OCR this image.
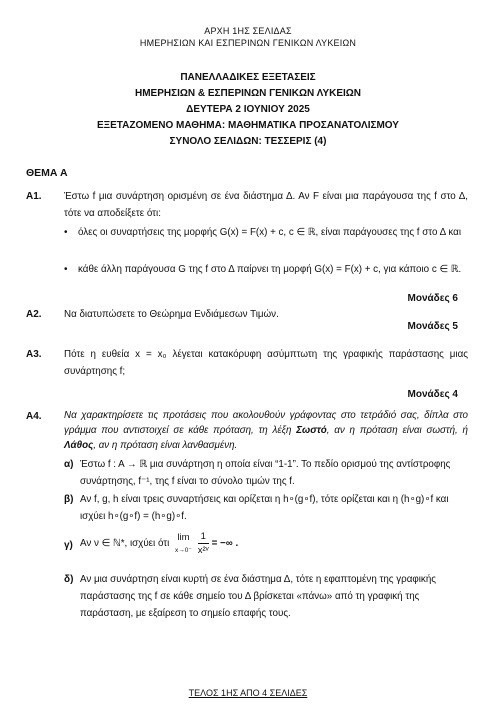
ΑΡΧΗ 1ΗΣ ΣΕΛΙΔΑΣ
ΗΜΕΡΗΣΙΩΝ ΚΑΙ ΕΣΠΕΡΙΝΩΝ ΓΕΝΙΚΩΝ ΛΥΚΕΙΩΝ
ΠΑΝΕΛΛΑΔΙΚΕΣ ΕΞΕΤΑΣΕΙΣ
ΗΜΕΡΗΣΙΩΝ & ΕΣΠΕΡΙΝΩΝ ΓΕΝΙΚΩΝ ΛΥΚΕΙΩΝ
ΔΕΥΤΕΡΑ 2 ΙΟΥΝΙΟΥ 2025
ΕΞΕΤΑΖΟΜΕΝΟ ΜΑΘΗΜΑ: ΜΑΘΗΜΑΤΙΚΑ ΠΡΟΣΑΝΑΤΟΛΙΣΜΟΥ
ΣΥΝΟΛΟ ΣΕΛΙΔΩΝ: ΤΕΣΣΕΡΙΣ (4)
ΘΕΜΑ Α
Α1. Έστω f μια συνάρτηση ορισμένη σε ένα διάστημα Δ. Αν F είναι μια παράγουσα της f στο Δ, τότε να αποδείξετε ότι:
• όλες οι συναρτήσεις της μορφής G(x) = F(x) + c, c ∈ ℝ, είναι παράγουσες της f στο Δ και
• κάθε άλλη παράγουσα G της f στο Δ παίρνει τη μορφή G(x) = F(x) + c, για κάποιο c ∈ ℝ.
Μονάδες 6
Α2. Να διατυπώσετε το Θεώρημα Ενδιάμεσων Τιμών.
Μονάδες 5
Α3. Πότε η ευθεία x = x₀ λέγεται κατακόρυφη ασύμπτωτη της γραφικής παράστασης μιας συνάρτησης f;
Μονάδες 4
Α4. Να χαρακτηρίσετε τις προτάσεις που ακολουθούν γράφοντας στο τετράδιό σας, δίπλα στο γράμμα που αντιστοιχεί σε κάθε πρόταση, τη λέξη Σωστό, αν η πρόταση είναι σωστή, ή Λάθος, αν η πρόταση είναι λανθασμένη.
α) Έστω f : A → ℝ μια συνάρτηση η οποία είναι “1-1”. Το πεδίο ορισμού της αντίστροφης συνάρτησης, f⁻¹, της f είναι το σύνολο τιμών της f.
β) Αν f, g, h είναι τρεις συναρτήσεις και ορίζεται η h∘(g∘f), τότε ορίζεται και η (h∘g)∘f και ισχύει h∘(g∘f) = (h∘g)∘f.
γ) Αν ν ∈ ℕ*, ισχύει ότι
lim
x→0⁻
$\frac{1}{\text{x²ᵛ}}$ = −∞ .
δ) Αν μια συνάρτηση είναι κυρτή σε ένα διάστημα Δ, τότε η εφαπτομένη της γραφικής παράστασης της f σε κάθε σημείο του Δ βρίσκεται «πάνω» από τη γραφική της παράσταση, με εξαίρεση το σημείο επαφής τους.
ΤΕΛΟΣ 1ΗΣ ΑΠΟ 4 ΣΕΛΙΔΕΣ
